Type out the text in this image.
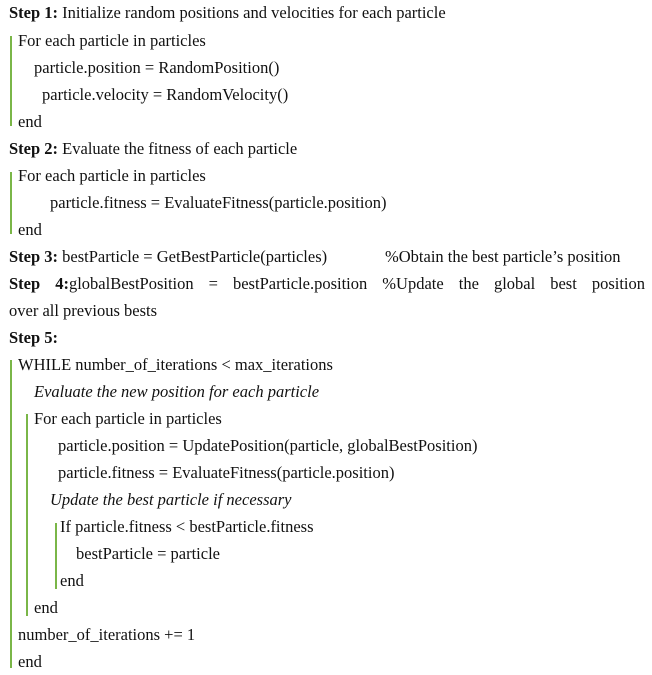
Step 1: Initialize random positions and velocities for each particle
For each particle in particles
particle.position = RandomPosition()
particle.velocity = RandomVelocity()
end
Step 2: Evaluate the fitness of each particle
For each particle in particles
particle.fitness = EvaluateFitness(particle.position)
end
Step 3: bestParticle = GetBestParticle(particles)	%Obtain the best particle’s position
Step 4:globalBestPosition = bestParticle.position %Update the global best position
over all previous bests
Step 5:
WHILE number_of_iterations < max_iterations
Evaluate the new position for each particle
For each particle in particles
particle.position = UpdatePosition(particle, globalBestPosition)
particle.fitness = EvaluateFitness(particle.position)
Update the best particle if necessary
If particle.fitness < bestParticle.fitness
bestParticle = particle
end
end
number_of_iterations += 1
end
